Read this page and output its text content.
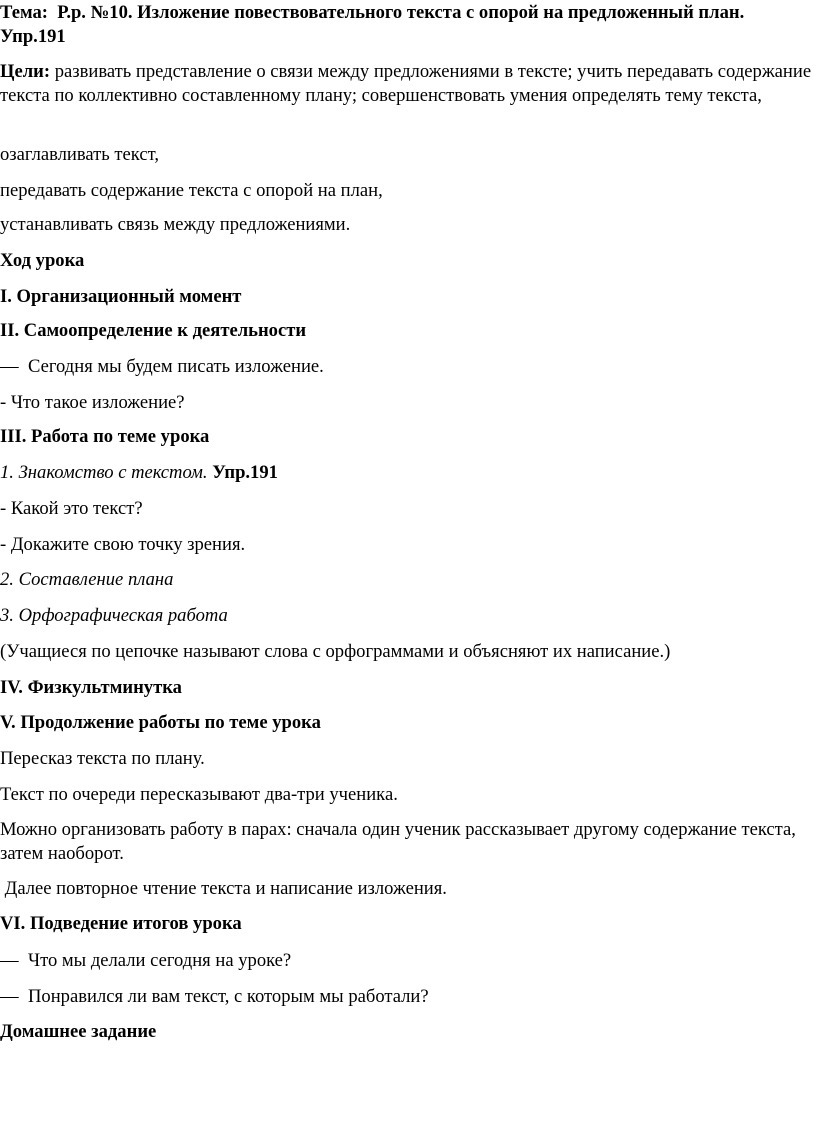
Тема: Р.р. №10. Изложение повествовательного текста с опорой на предложенный план.

Упр.191

Цели: развивать представление о связи между предложениями в тексте; учить передавать содержание текста по коллективно составленному плану; совершенствовать умения определять тему текста,

озаглавливать текст,

передавать содержание текста с опорой на план,

устанавливать связь между предложениями.

Ход урока

I. Организационный момент

II. Самоопределение к деятельности

— Сегодня мы будем писать изложение.

- Что такое изложение?

III. Работа по теме урока

1. Знакомство с текстом. Упр.191

- Какой это текст?

- Докажите свою точку зрения.

2. Составление плана

3. Орфографическая работа

(Учащиеся по цепочке называют слова с орфограммами и объясняют их написание.)

IV. Физкультминутка

V. Продолжение работы по теме урока

Пересказ текста по плану.

Текст по очереди пересказывают два-три ученика.

Можно организовать работу в парах: сначала один ученик рассказывает другому содержание текста, затем наоборот.

Далее повторное чтение текста и написание изложения.

VI. Подведение итогов урока

— Что мы делали сегодня на уроке?

— Понравился ли вам текст, с которым мы работали?

Домашнее задание
